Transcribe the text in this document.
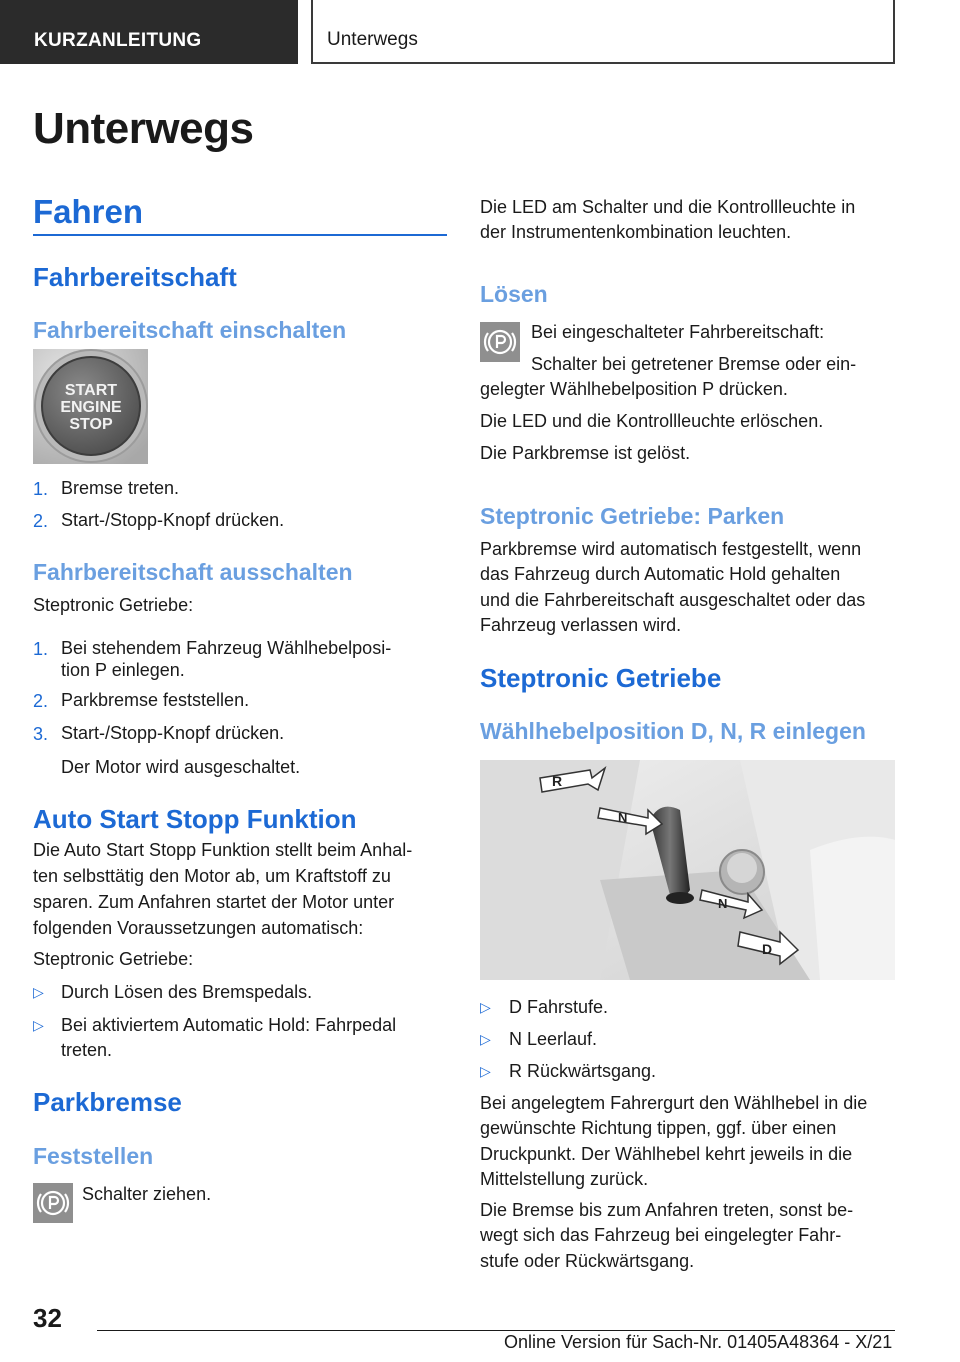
KURZANLEITUNG	Unterwegs
Unterwegs
Fahren
Fahrbereitschaft
Fahrbereitschaft einschalten
START
ENGINE
STOP
1. Bremse treten.
2. Start-/Stopp-Knopf drücken.
Fahrbereitschaft ausschalten
Steptronic Getriebe:
1. Bei stehendem Fahrzeug Wählhebelposi-
tion P einlegen.
2. Parkbremse feststellen.
3. Start-/Stopp-Knopf drücken.
Der Motor wird ausgeschaltet.
Auto Start Stopp Funktion
Die Auto Start Stopp Funktion stellt beim Anhal-
ten selbsttätig den Motor ab, um Kraftstoff zu
sparen. Zum Anfahren startet der Motor unter
folgenden Voraussetzungen automatisch:
Steptronic Getriebe:
▷ Durch Lösen des Bremspedals.
▷ Bei aktiviertem Automatic Hold: Fahrpedal
treten.
Parkbremse
Feststellen
Schalter ziehen.
Die LED am Schalter und die Kontrollleuchte in
der Instrumentenkombination leuchten.
Lösen
Bei eingeschalteter Fahrbereitschaft:
Schalter bei getretener Bremse oder ein-
gelegter Wählhebelposition P drücken.
Die LED und die Kontrollleuchte erlöschen.
Die Parkbremse ist gelöst.
Steptronic Getriebe: Parken
Parkbremse wird automatisch festgestellt, wenn
das Fahrzeug durch Automatic Hold gehalten
und die Fahrbereitschaft ausgeschaltet oder das
Fahrzeug verlassen wird.
Steptronic Getriebe
Wählhebelposition D, N, R einlegen
R
N
N
D
▷ D Fahrstufe.
▷ N Leerlauf.
▷ R Rückwärtsgang.
Bei angelegtem Fahrergurt den Wählhebel in die
gewünschte Richtung tippen, ggf. über einen
Druckpunkt. Der Wählhebel kehrt jeweils in die
Mittelstellung zurück.
Die Bremse bis zum Anfahren treten, sonst be-
wegt sich das Fahrzeug bei eingelegter Fahr-
stufe oder Rückwärtsgang.
32
Online Version für Sach-Nr. 01405A48364 - X/21
